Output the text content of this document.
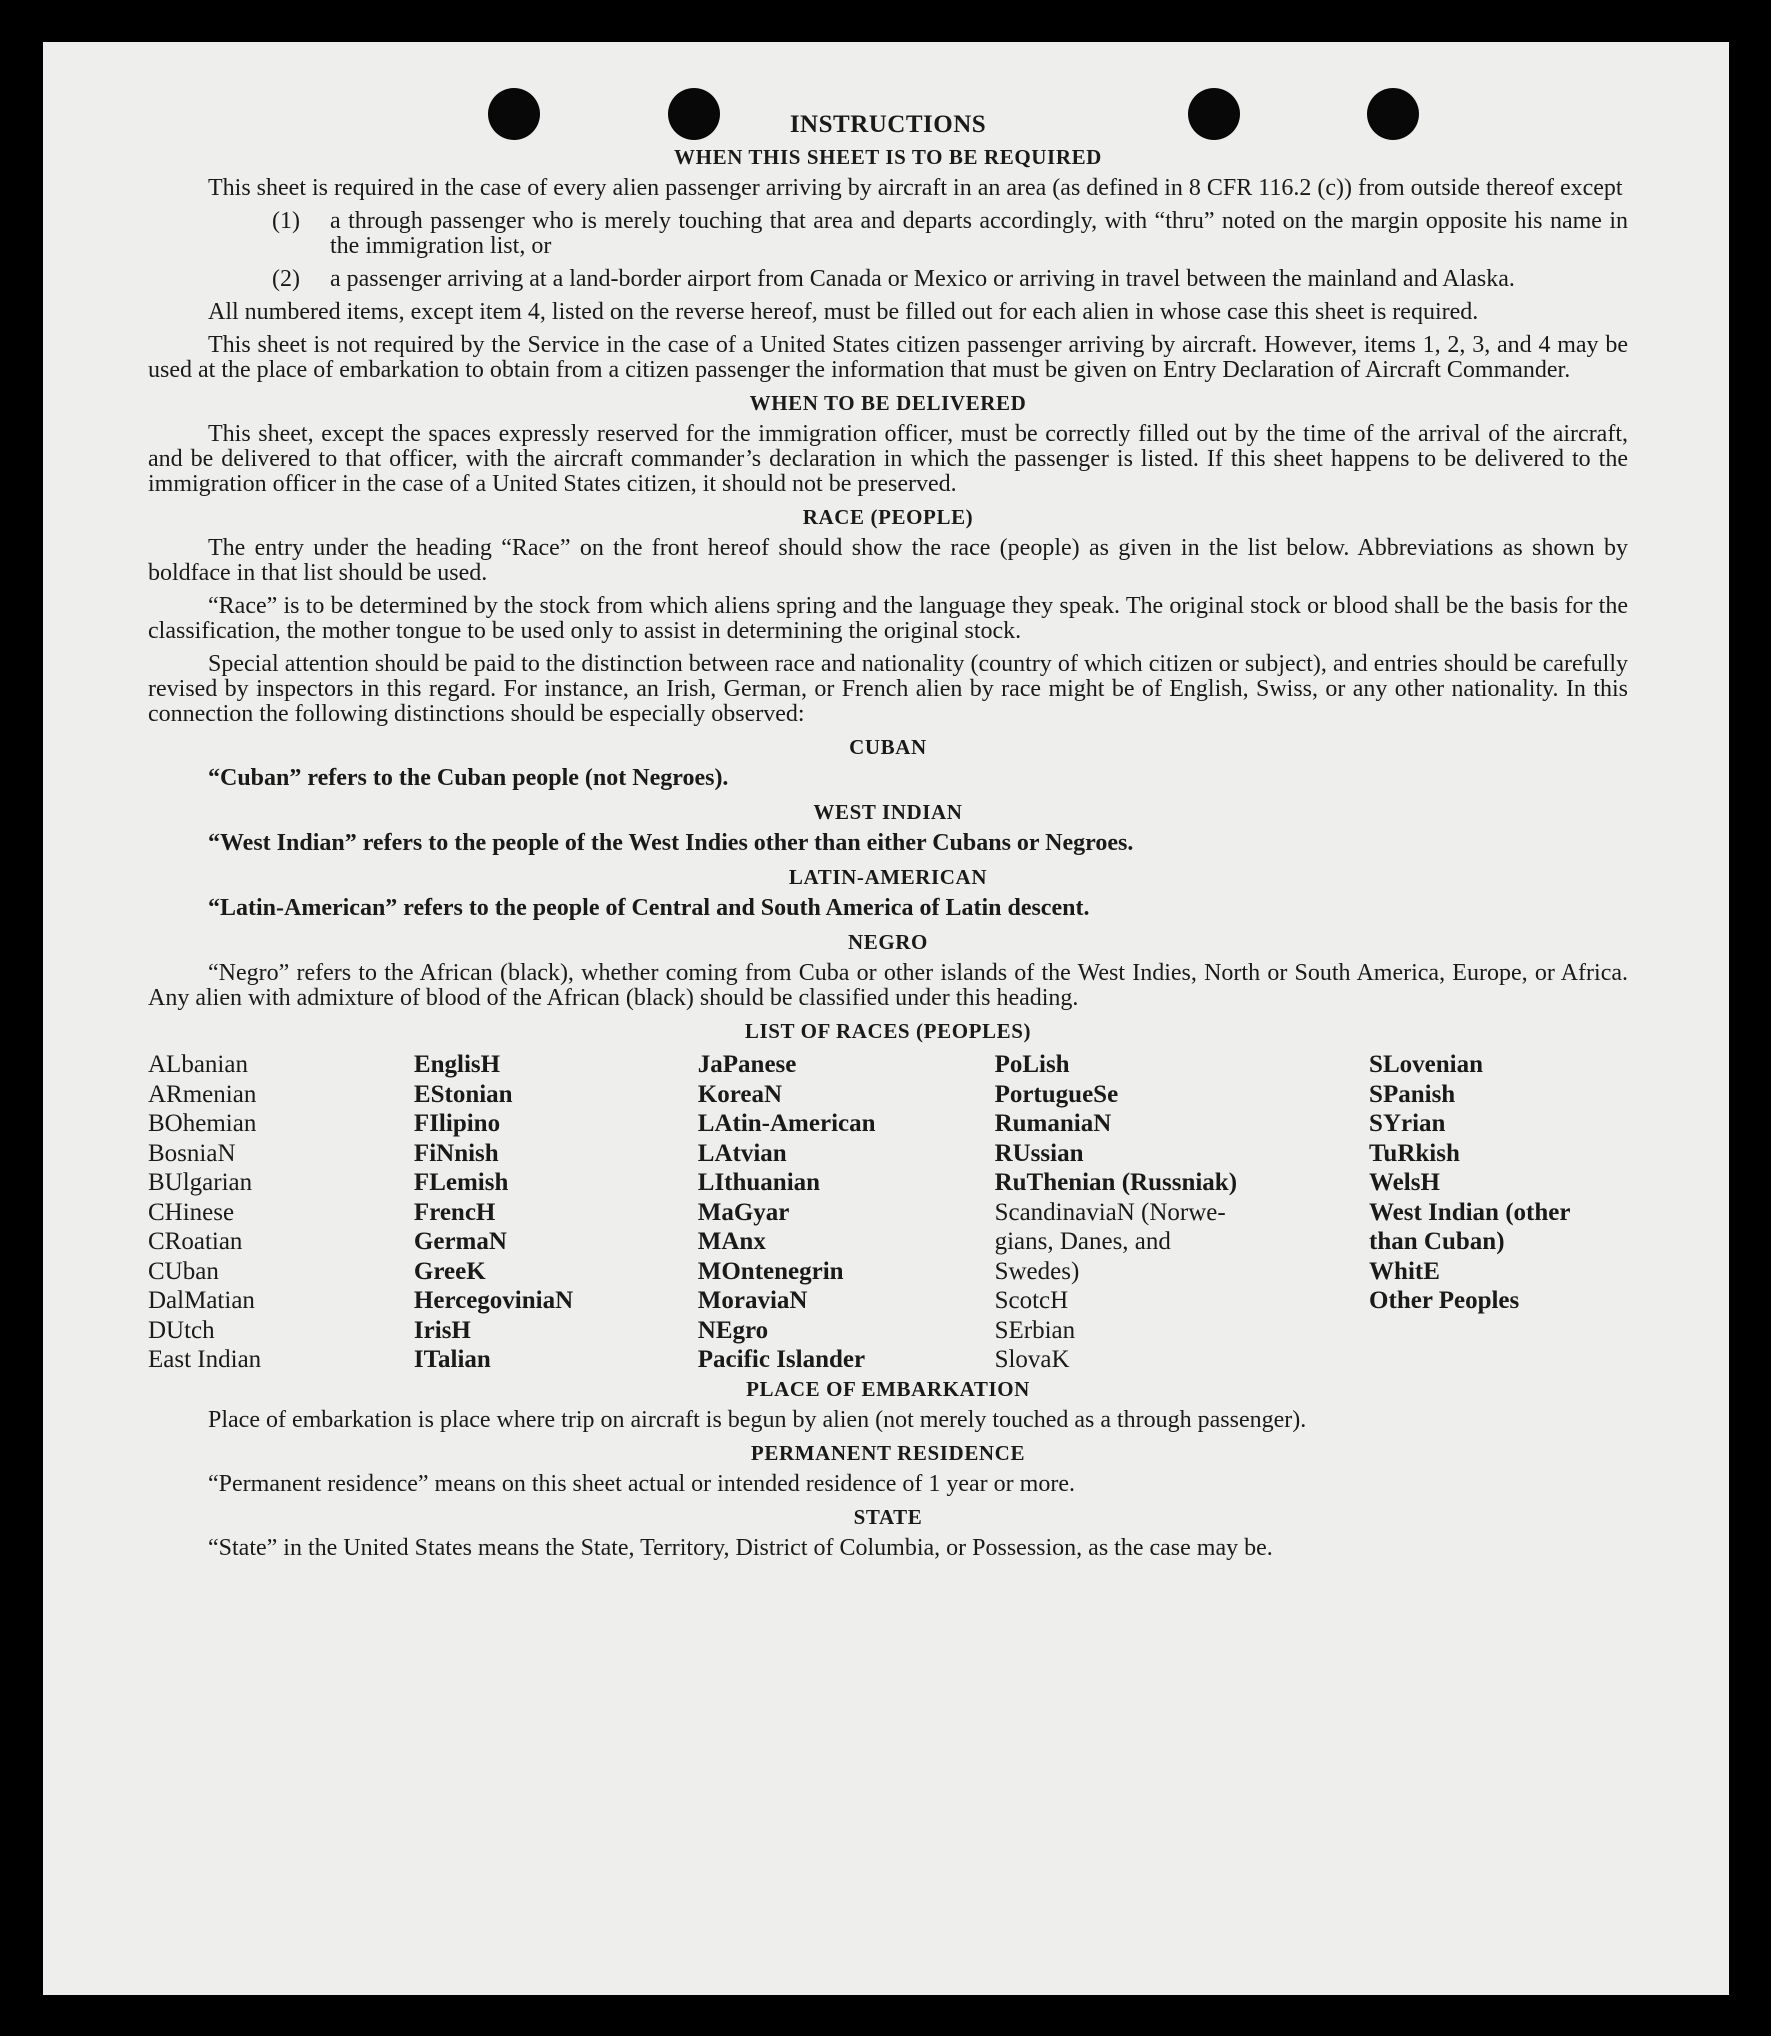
INSTRUCTIONS
WHEN THIS SHEET IS TO BE REQUIRED

This sheet is required in the case of every alien passenger arriving by aircraft in an area (as defined in 8 CFR 116.2 (c)) from outside thereof except

(1)	a through passenger who is merely touching that area and departs accordingly, with “thru” noted on the margin opposite his name in the immigration list, or
(2)	a passenger arriving at a land-border airport from Canada or Mexico or arriving in travel between the mainland and Alaska.

All numbered items, except item 4, listed on the reverse hereof, must be filled out for each alien in whose case this sheet is required.

This sheet is not required by the Service in the case of a United States citizen passenger arriving by aircraft. However, items 1, 2, 3, and 4 may be used at the place of embarkation to obtain from a citizen passenger the information that must be given on Entry Declaration of Aircraft Commander.

WHEN TO BE DELIVERED

This sheet, except the spaces expressly reserved for the immigration officer, must be correctly filled out by the time of the arrival of the aircraft, and be delivered to that officer, with the aircraft commander’s declaration in which the passenger is listed. If this sheet happens to be delivered to the immigration officer in the case of a United States citizen, it should not be preserved.

RACE (PEOPLE)

The entry under the heading “Race” on the front hereof should show the race (people) as given in the list below. Abbreviations as shown by boldface in that list should be used.

“Race” is to be determined by the stock from which aliens spring and the language they speak. The original stock or blood shall be the basis for the classification, the mother tongue to be used only to assist in determining the original stock.

Special attention should be paid to the distinction between race and nationality (country of which citizen or subject), and entries should be carefully revised by inspectors in this regard. For instance, an Irish, German, or French alien by race might be of English, Swiss, or any other nationality. In this connection the following distinctions should be especially observed:

CUBAN
“Cuban” refers to the Cuban people (not Negroes).
WEST INDIAN
“West Indian” refers to the people of the West Indies other than either Cubans or Negroes.
LATIN-AMERICAN
“Latin-American” refers to the people of Central and South America of Latin descent.
NEGRO

“Negro” refers to the African (black), whether coming from Cuba or other islands of the West Indies, North or South America, Europe, or Africa. Any alien with admixture of blood of the African (black) should be classified under this heading.

LIST OF RACES (PEOPLES)
ALbanian
ARmenian
BOhemian
BosniaN
BUlgarian
CHinese
CRoatian
CUban
DalMatian
DUtch
East Indian
EnglisH
EStonian
FIlipino
FiNnish
FLemish
FrencH
GermaN
GreeK
HercegoviniaN
IrisH
ITalian
JaPanese
KoreaN
LAtin-American
LAtvian
LIthuanian
MaGyar
MAnx
MOntenegrin
MoraviaN
NEgro
Pacific Islander
PoLish
PortugueSe
RumaniaN
RUssian
RuThenian (Russniak)
ScandinaviaN (Norwe-
gians, Danes, and
Swedes)
ScotcH
SErbian
SlovaK
SLovenian
SPanish
SYrian
TuRkish
WelsH
West Indian (other
than Cuban)
WhitE
Other Peoples
PLACE OF EMBARKATION

Place of embarkation is place where trip on aircraft is begun by alien (not merely touched as a through passenger).

PERMANENT RESIDENCE

“Permanent residence” means on this sheet actual or intended residence of 1 year or more.

STATE

“State” in the United States means the State, Territory, District of Columbia, or Possession, as the case may be.
